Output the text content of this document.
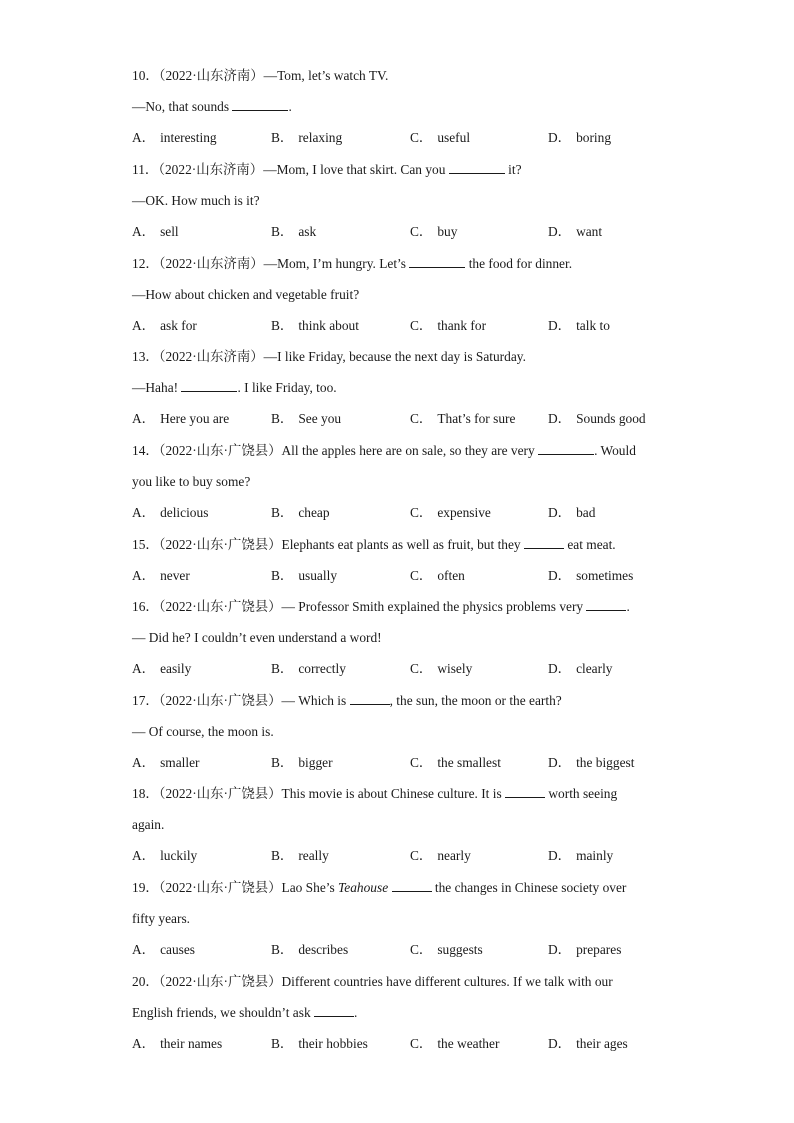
10．（2022·山东济南）—Tom, let’s watch TV.
—No, that sounds	.
A． interesting	B． relaxing	C． useful	D． boring
11．（2022·山东济南）—Mom, I love that skirt. Can you	it?
—OK. How much is it?
A． sell	B． ask	C． buy	D． want
12．（2022·山东济南）—Mom, I’m hungry. Let’s	the food for dinner.
—How about chicken and vegetable fruit?
A． ask for	B． think about	C． thank for	D． talk to
13．（2022·山东济南）—I like Friday, because the next day is Saturday.
—Haha!	. I like Friday, too.
A． Here you are	B． See you	C． That’s for sure D． Sounds good
14．（2022·山东·广饶县）All the apples here are on sale, so they are very	. Would
you like to buy some?
A． delicious	B． cheap	C． expensive	D． bad
15．（2022·山东·广饶县）Elephants eat plants as well as fruit, but they	eat meat.
A． never	B． usually	C． often	D． sometimes
16．（2022·山东·广饶县）— Professor Smith explained the physics problems very	.
— Did he? I couldn’t even understand a word!
A． easily	B． correctly	C． wisely	D． clearly
17．（2022·山东·广饶县）— Which is	, the sun, the moon or the earth?
— Of course, the moon is.
A． smaller	B． bigger	C． the smallest	D． the biggest
18．（2022·山东·广饶县）This movie is about Chinese culture. It is	worth seeing
again.
A． luckily	B． really	C． nearly	D． mainly
19．（2022·山东·广饶县）Lao She’s Teahouse	the changes in Chinese society over
fifty years.
A． causes	B． describes	C． suggests	D． prepares
20．（2022·山东·广饶县）Different countries have different cultures. If we talk with our
English friends, we shouldn’t ask	.
A． their names	B． their hobbies	C． the weather	D． their ages
